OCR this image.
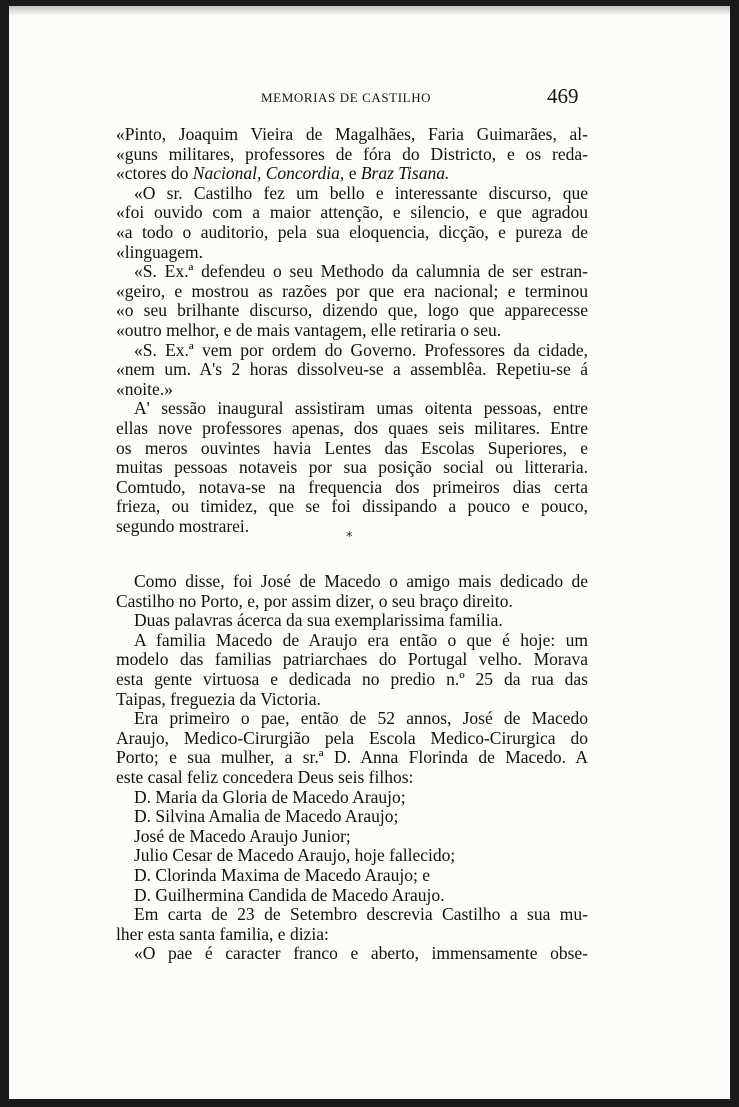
MEMORIAS DE CASTILHO	469
«Pinto, Joaquim Vieira de Magalhães, Faria Guimarães, al-
«guns militares, professores de fóra do Districto, e os reda-
«ctores do Nacional, Concordia, e Braz Tisana.
«O sr. Castilho fez um bello e interessante discurso, que
«foi ouvido com a maior attenção, e silencio, e que agradou
«a todo o auditorio, pela sua eloquencia, dicção, e pureza de
«linguagem.
«S. Ex.ª defendeu o seu Methodo da calumnia de ser estran-
«geiro, e mostrou as razões por que era nacional; e terminou
«o seu brilhante discurso, dizendo que, logo que apparecesse
«outro melhor, e de mais vantagem, elle retiraria o seu.
«S. Ex.ª vem por ordem do Governo. Professores da cidade,
«nem um. A's 2 horas dissolveu-se a assemblêa. Repetiu-se á
«noite.»
A' sessão inaugural assistiram umas oitenta pessoas, entre
ellas nove professores apenas, dos quaes seis militares. Entre
os meros ouvintes havia Lentes das Escolas Superiores, e
muitas pessoas notaveis por sua posição social ou litteraria.
Comtudo, notava-se na frequencia dos primeiros dias certa
frieza, ou timidez, que se foi dissipando a pouco e pouco,
segundo mostrarei.
*
Como disse, foi José de Macedo o amigo mais dedicado de
Castilho no Porto, e, por assim dizer, o seu braço direito.
Duas palavras ácerca da sua exemplarissima familia.
A familia Macedo de Araujo era então o que é hoje: um
modelo das familias patriarchaes do Portugal velho. Morava
esta gente virtuosa e dedicada no predio n.º 25 da rua das
Taipas, freguezia da Victoria.
Era primeiro o pae, então de 52 annos, José de Macedo
Araujo, Medico-Cirurgião pela Escola Medico-Cirurgica do
Porto; e sua mulher, a sr.ª D. Anna Florinda de Macedo. A
este casal feliz concedera Deus seis filhos:
D. Maria da Gloria de Macedo Araujo;
D. Silvina Amalia de Macedo Araujo;
José de Macedo Araujo Junior;
Julio Cesar de Macedo Araujo, hoje fallecido;
D. Clorinda Maxima de Macedo Araujo; e
D. Guilhermina Candida de Macedo Araujo.
Em carta de 23 de Setembro descrevia Castilho a sua mu-
lher esta santa familia, e dizia:
«O pae é caracter franco e aberto, immensamente obse-
